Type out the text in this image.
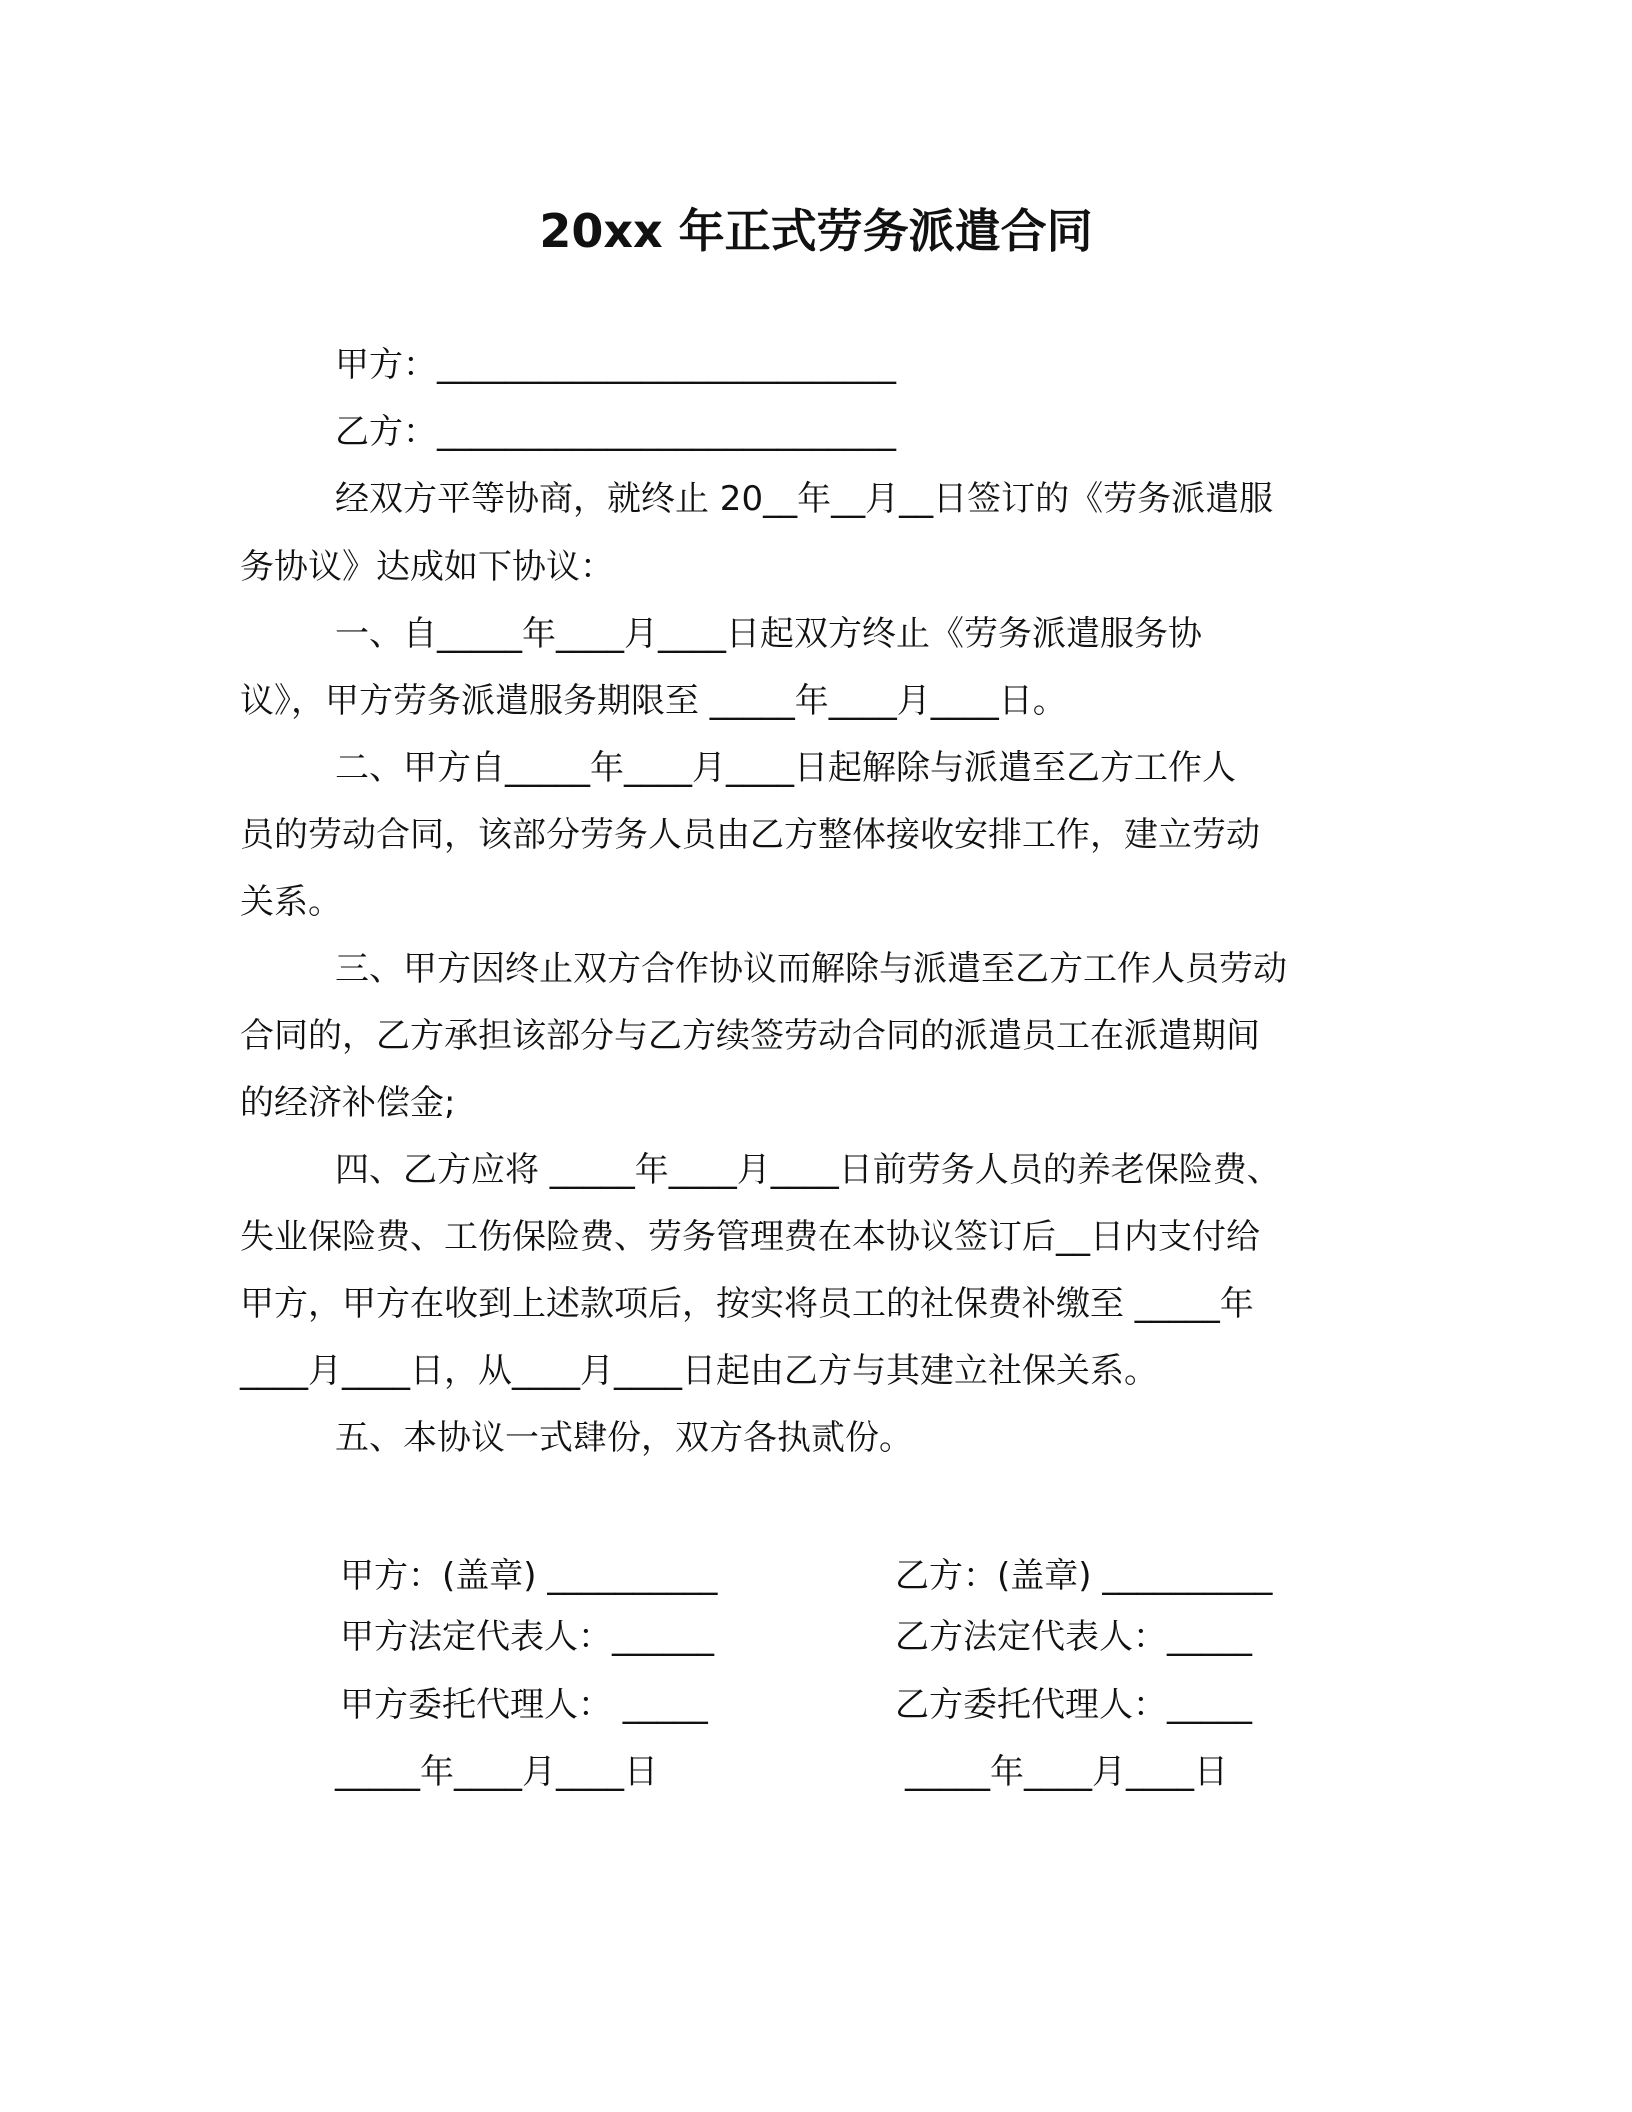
20xx 年正式劳务派遣合同
甲方：___________________________
乙方：___________________________
经双方平等协商，就终止 20__年__月__日签订的《劳务派遣服
务协议》达成如下协议：
一、自_____年____月____日起双方终止《劳务派遣服务协
议》，甲方劳务派遣服务期限至 _____年____月____日。
二、甲方自_____年____月____日起解除与派遣至乙方工作人
员的劳动合同，该部分劳务人员由乙方整体接收安排工作，建立劳动
关系。
三、甲方因终止双方合作协议而解除与派遣至乙方工作人员劳动
合同的，乙方承担该部分与乙方续签劳动合同的派遣员工在派遣期间
的经济补偿金;
四、乙方应将 _____年____月____日前劳务人员的养老保险费、
失业保险费、工伤保险费、劳务管理费在本协议签订后__日内支付给
甲方，甲方在收到上述款项后，按实将员工的社保费补缴至 _____年
____月____日，从____月____日起由乙方与其建立社保关系。
五、本协议一式肆份，双方各执贰份。
甲方：(盖章) __________
甲方法定代表人：______
甲方委托代理人： _____
_____年____月____日
乙方：(盖章) __________
乙方法定代表人：_____
乙方委托代理人：_____
_____年____月____日
